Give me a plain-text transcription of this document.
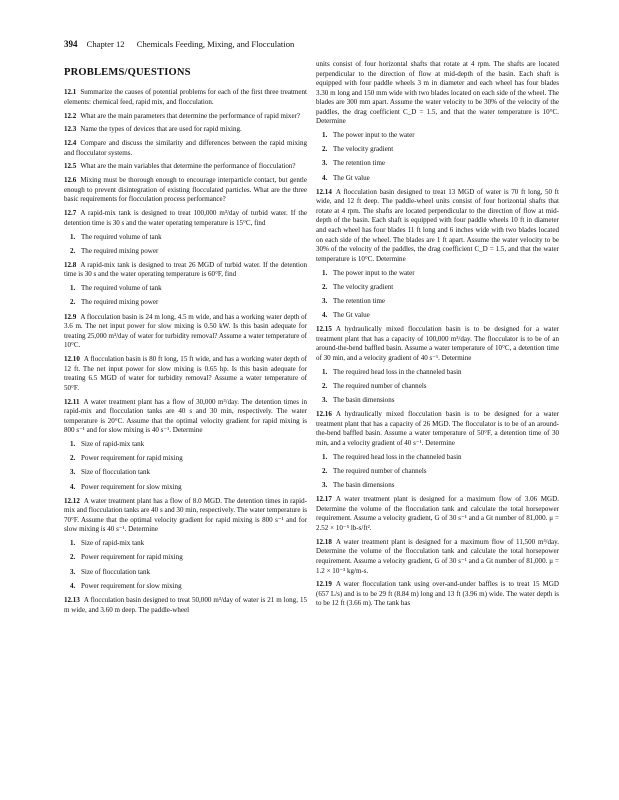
394 Chapter 12 Chemicals Feeding, Mixing, and Flocculation
PROBLEMS/QUESTIONS

12.1 Summarize the causes of potential problems for each of the first three treatment elements: chemical feed, rapid mix, and flocculation.

12.2 What are the main parameters that determine the performance of rapid mixer?

12.3 Name the types of devices that are used for rapid mixing.

12.4 Compare and discuss the similarity and differences between the rapid mixing and flocculator systems.

12.5 What are the main variables that determine the performance of flocculation?

12.6 Mixing must be thorough enough to encourage interparticle contact, but gentle enough to prevent disintegration of existing flocculated particles. What are the three basic requirements for flocculation process performance?

12.7 A rapid-mix tank is designed to treat 100,000 m³/day of turbid water. If the detention time is 30 s and the water operating temperature is 15°C, find

1. The required volume of tank
2. The required mixing power

12.8 A rapid-mix tank is designed to treat 26 MGD of turbid water. If the detention time is 30 s and the water operating temperature is 60°F, find

1. The required volume of tank
2. The required mixing power

12.9 A flocculation basin is 24 m long, 4.5 m wide, and has a working water depth of 3.6 m. The net input power for slow mixing is 0.50 kW. Is this basin adequate for treating 25,000 m³/day of water for turbidity removal? Assume a water temperature of 10°C.

12.10 A flocculation basin is 80 ft long, 15 ft wide, and has a working water depth of 12 ft. The net input power for slow mixing is 0.65 hp. Is this basin adequate for treating 6.5 MGD of water for turbidity removal? Assume a water temperature of 50°F.

12.11 A water treatment plant has a flow of 30,000 m³/day. The detention times in rapid-mix and flocculation tanks are 40 s and 30 min, respectively. The water temperature is 20°C. Assume that the optimal velocity gradient for rapid mixing is 800 s⁻¹ and for slow mixing is 40 s⁻¹. Determine

1. Size of rapid-mix tank
2. Power requirement for rapid mixing
3. Size of flocculation tank
4. Power requirement for slow mixing

12.12 A water treatment plant has a flow of 8.0 MGD. The detention times in rapid-mix and flocculation tanks are 40 s and 30 min, respectively. The water temperature is 70°F. Assume that the optimal velocity gradient for rapid mixing is 800 s⁻¹ and for slow mixing is 40 s⁻¹. Determine

1. Size of rapid-mix tank
2. Power requirement for rapid mixing
3. Size of flocculation tank
4. Power requirement for slow mixing

12.13 A flocculation basin designed to treat 50,000 m³/day of water is 21 m long, 15 m wide, and 3.60 m deep. The paddle-wheel

units consist of four horizontal shafts that rotate at 4 rpm. The shafts are located perpendicular to the direction of flow at mid-depth of the basin. Each shaft is equipped with four paddle wheels 3 m in diameter and each wheel has four blades 3.30 m long and 150 mm wide with two blades located on each side of the wheel. The blades are 300 mm apart. Assume the water velocity to be 30% of the velocity of the paddles, the drag coefficient C_D = 1.5, and that the water temperature is 10°C. Determine

1. The power input to the water
2. The velocity gradient
3. The retention time
4. The Gt value

12.14 A flocculation basin designed to treat 13 MGD of water is 70 ft long, 50 ft wide, and 12 ft deep. The paddle-wheel units consist of four horizontal shafts that rotate at 4 rpm. The shafts are located perpendicular to the direction of flow at mid-depth of the basin. Each shaft is equipped with four paddle wheels 10 ft in diameter and each wheel has four blades 11 ft long and 6 inches wide with two blades located on each side of the wheel. The blades are 1 ft apart. Assume the water velocity to be 30% of the velocity of the paddles, the drag coefficient C_D = 1.5, and that the water temperature is 10°C. Determine

1. The power input to the water
2. The velocity gradient
3. The retention time
4. The Gt value

12.15 A hydraulically mixed flocculation basin is to be designed for a water treatment plant that has a capacity of 100,000 m³/day. The flocculator is to be of an around-the-bend baffled basin. Assume a water temperature of 10°C, a detention time of 30 min, and a velocity gradient of 40 s⁻¹. Determine

1. The required head loss in the channeled basin
2. The required number of channels
3. The basin dimensions

12.16 A hydraulically mixed flocculation basin is to be designed for a water treatment plant that has a capacity of 26 MGD. The flocculator is to be of an around-the-bend baffled basin. Assume a water temperature of 50°F, a detention time of 30 min, and a velocity gradient of 40 s⁻¹. Determine

1. The required head loss in the channeled basin
2. The required number of channels
3. The basin dimensions

12.17 A water treatment plant is designed for a maximum flow of 3.06 MGD. Determine the volume of the flocculation tank and calculate the total horsepower requirement. Assume a velocity gradient, G of 30 s⁻¹ and a Gt number of 81,000. μ = 2.52 × 10⁻⁵ lb-s/ft².

12.18 A water treatment plant is designed for a maximum flow of 11,500 m³/day. Determine the volume of the flocculation tank and calculate the total horsepower requirement. Assume a velocity gradient, G of 30 s⁻¹ and a Gt number of 81,000. μ = 1.2 × 10⁻³ kg/m-s.

12.19 A water flocculation tank using over-and-under baffles is to treat 15 MGD (657 L/s) and is to be 29 ft (8.84 m) long and 13 ft (3.96 m) wide. The water depth is to be 12 ft (3.66 m). The tank has
